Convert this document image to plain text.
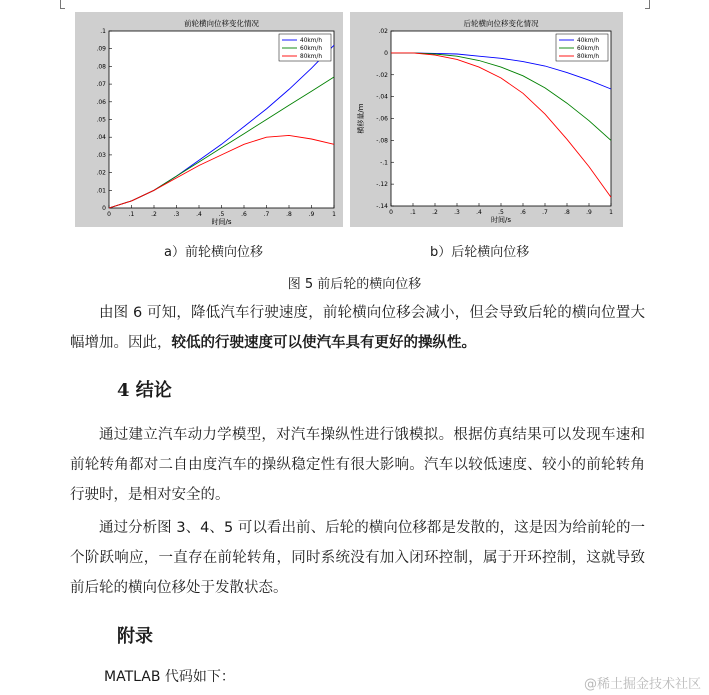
前轮横向位移变化情况
0	.1	.2	.3	.4	.5	.6	.7	.8	.9	1
0
.01
.02
.03
.04
.05
.06
.07
.08
.09
.1
时间/s
40km/h
60km/h
80km/h
后轮横向位移变化情况
0	.1	.2	.3	.4	.5	.6	.7	.8	.9	1
.02
0
-.02
-.04
-.06
-.08
-.1
-.12
-.14
时间/s
横移量/m
40km/h
60km/h
80km/h
a）前轮横向位移	b）后轮横向位移
图 5 前后轮的横向位移
由图 6 可知，降低汽车行驶速度，前轮横向位移会减小，但会导致后轮的横向位置大幅增加。因此，较低的行驶速度可以使汽车具有更好的操纵性。
4 结论
通过建立汽车动力学模型，对汽车操纵性进行饿模拟。根据仿真结果可以发现车速和前轮转角都对二自由度汽车的操纵稳定性有很大影响。汽车以较低速度、较小的前轮转角行驶时，是相对安全的。
通过分析图 3、4、5 可以看出前、后轮的横向位移都是发散的，这是因为给前轮的一个阶跃响应，一直存在前轮转角，同时系统没有加入闭环控制，属于开环控制，这就导致前后轮的横向位移处于发散状态。
附录
MATLAB 代码如下：	@稀土掘金技术社区
